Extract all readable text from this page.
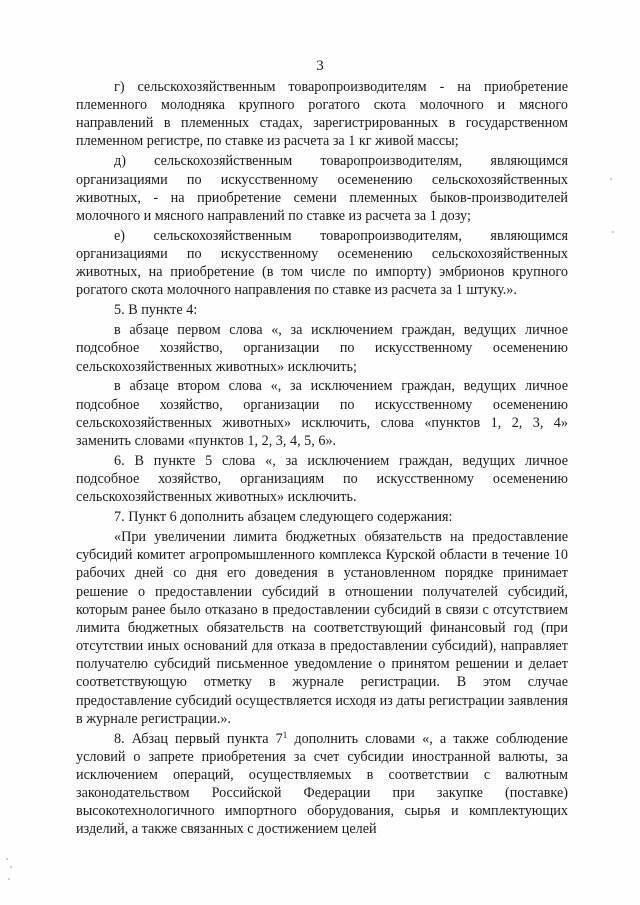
3

г) сельскохозяйственным товаропроизводителям - на приобретение племенного молодняка крупного рогатого скота молочного и мясного направлений в племенных стадах, зарегистрированных в государственном племенном регистре, по ставке из расчета за 1 кг живой массы;

д) сельскохозяйственным товаропроизводителям, являющимся организациями по искусственному осеменению сельскохозяйственных животных, - на приобретение семени племенных быков-производителей молочного и мясного направлений по ставке из расчета за 1 дозу;

е) сельскохозяйственным товаропроизводителям, являющимся организациями по искусственному осеменению сельскохозяйственных животных, на приобретение (в том числе по импорту) эмбрионов крупного рогатого скота молочного направления по ставке из расчета за 1 штуку.».

5. В пункте 4:

в абзаце первом слова «, за исключением граждан, ведущих личное подсобное хозяйство, организации по искусственному осеменению сельскохозяйственных животных» исключить;

в абзаце втором слова «, за исключением граждан, ведущих личное подсобное хозяйство, организации по искусственному осеменению сельскохозяйственных животных» исключить, слова «пунктов 1, 2, 3, 4» заменить словами «пунктов 1, 2, 3, 4, 5, 6».

6. В пункте 5 слова «, за исключением граждан, ведущих личное подсобное хозяйство, организациям по искусственному осеменению сельскохозяйственных животных» исключить.

7. Пункт 6 дополнить абзацем следующего содержания:

«При увеличении лимита бюджетных обязательств на предоставление субсидий комитет агропромышленного комплекса Курской области в течение 10 рабочих дней со дня его доведения в установленном порядке принимает решение о предоставлении субсидий в отношении получателей субсидий, которым ранее было отказано в предоставлении субсидий в связи с отсутствием лимита бюджетных обязательств на соответствующий финансовый год (при отсутствии иных оснований для отказа в предоставлении субсидий), направляет получателю субсидий письменное уведомление о принятом решении и делает соответствующую отметку в журнале регистрации. В этом случае предоставление субсидий осуществляется исходя из даты регистрации заявления в журнале регистрации.».

8. Абзац первый пункта $7^1$ дополнить словами «, а также соблюдение условий о запрете приобретения за счет субсидии иностранной валюты, за исключением операций, осуществляемых в соответствии с валютным законодательством Российской Федерации при закупке (поставке) высокотехнологичного импортного оборудования, сырья и комплектующих изделий, а также связанных с достижением целей
